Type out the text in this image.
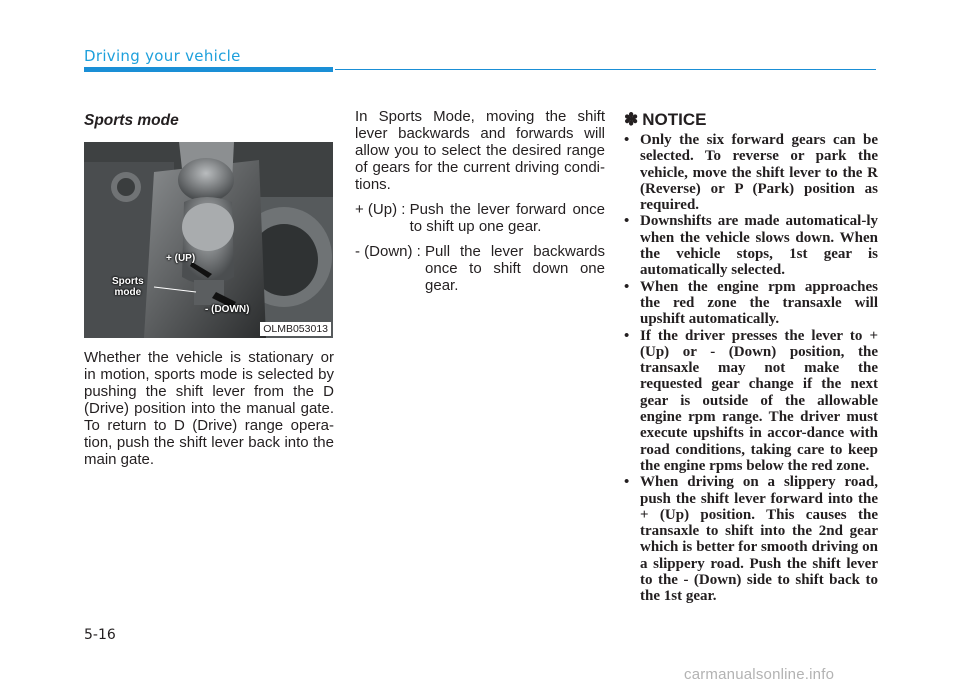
Driving your vehicle
Sports mode
+ (UP)
Sports
mode
- (DOWN)
OLMB053013

Whether the vehicle is stationary or in motion, sports mode is selected by pushing the shift lever from the D (Drive) position into the manual gate. To return to D (Drive) range opera-tion, push the shift lever back into the main gate.

In Sports Mode, moving the shift lever backwards and forwards will allow you to select the desired range of gears for the current driving condi-tions.

+ (Up) : Push the lever forward once to shift up one gear.
- (Down) : Pull the lever backwards once to shift down one gear.
✽ NOTICE
• Only the six forward gears can be selected. To reverse or park the vehicle, move the shift lever to the R (Reverse) or P (Park) position as required.
• Downshifts are made automatical-ly when the vehicle slows down. When the vehicle stops, 1st gear is automatically selected.
• When the engine rpm approaches the red zone the transaxle will upshift automatically.
• If the driver presses the lever to + (Up) or - (Down) position, the transaxle may not make the requested gear change if the next gear is outside of the allowable engine rpm range. The driver must execute upshifts in accor-dance with road conditions, taking care to keep the engine rpms below the red zone.
• When driving on a slippery road, push the shift lever forward into the + (Up) position. This causes the transaxle to shift into the 2nd gear which is better for smooth driving on a slippery road. Push the shift lever to the - (Down) side to shift back to the 1st gear.
5-16
carmanualsonline.info
